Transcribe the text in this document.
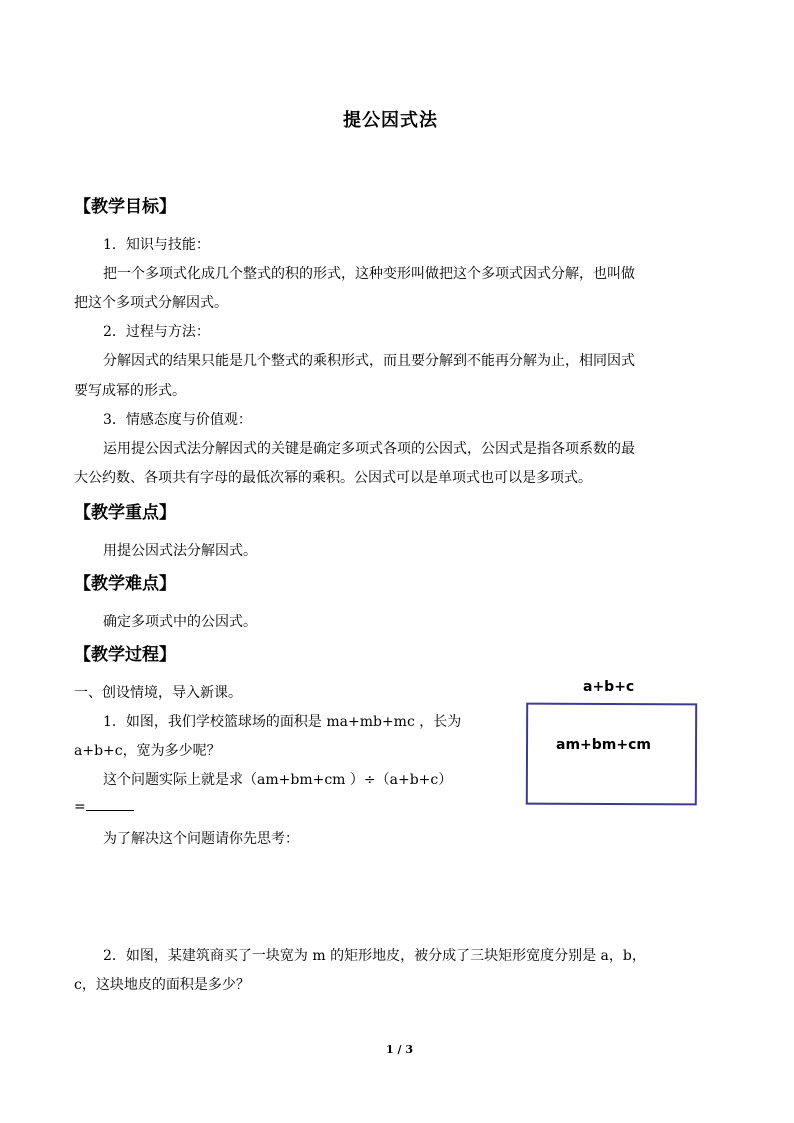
提公因式法
【教学目标】
1．知识与技能：
把一个多项式化成几个整式的积的形式，这种变形叫做把这个多项式因式分解，也叫做
把这个多项式分解因式。
2．过程与方法：
分解因式的结果只能是几个整式的乘积形式，而且要分解到不能再分解为止，相同因式
要写成幂的形式。
3．情感态度与价值观：
运用提公因式法分解因式的关键是确定多项式各项的公因式，公因式是指各项系数的最
大公约数、各项共有字母的最低次幂的乘积。公因式可以是单项式也可以是多项式。
【教学重点】
用提公因式法分解因式。
【教学难点】
确定多项式中的公因式。
【教学过程】
一、创设情境，导入新课。
1．如图，我们学校篮球场的面积是 ma+mb+mc ，长为
a+b+c，宽为多少呢？
这个问题实际上就是求（am+bm+cm ）÷（a+b+c）
=
为了解决这个问题请你先思考：
2．如图，某建筑商买了一块宽为 m 的矩形地皮，被分成了三块矩形宽度分别是 a，b，
c，这块地皮的面积是多少？
a+b+c
am+bm+cm
1 / 3
